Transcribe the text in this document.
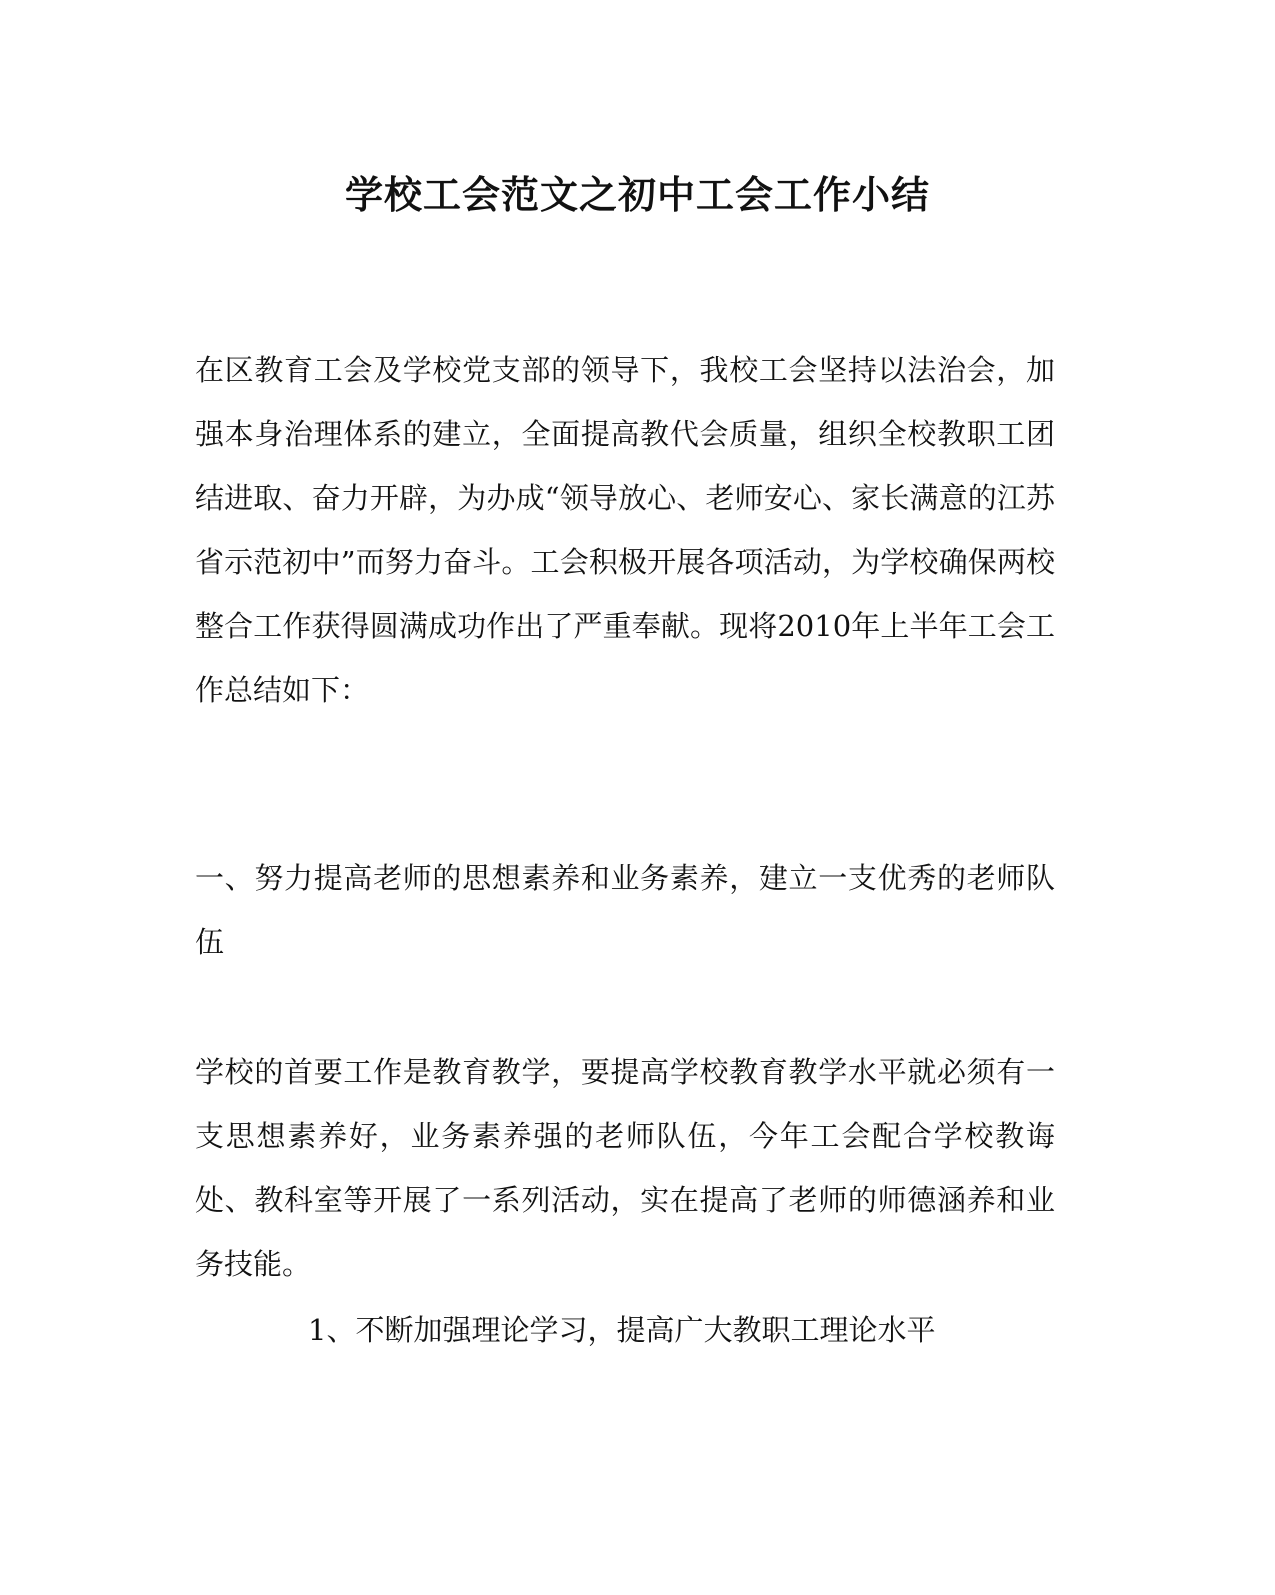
学校工会范文之初中工会工作小结

在区教育工会及学校党支部的领导下，我校工会坚持以法治会，加强本身治理体系的建立，全面提高教代会质量，组织全校教职工团结进取、奋力开辟，为办成“领导放心、老师安心、家长满意的江苏省示范初中”而努力奋斗。工会积极开展各项活动，为学校确保两校整合工作获得圆满成功作出了严重奉献。现将2010年上半年工会工作总结如下：

一、努力提高老师的思想素养和业务素养，建立一支优秀的老师队伍

学校的首要工作是教育教学，要提高学校教育教学水平就必须有一支思想素养好，业务素养强的老师队伍，今年工会配合学校教诲处、教科室等开展了一系列活动，实在提高了老师的师德涵养和业务技能。

1、不断加强理论学习，提高广大教职工理论水平
